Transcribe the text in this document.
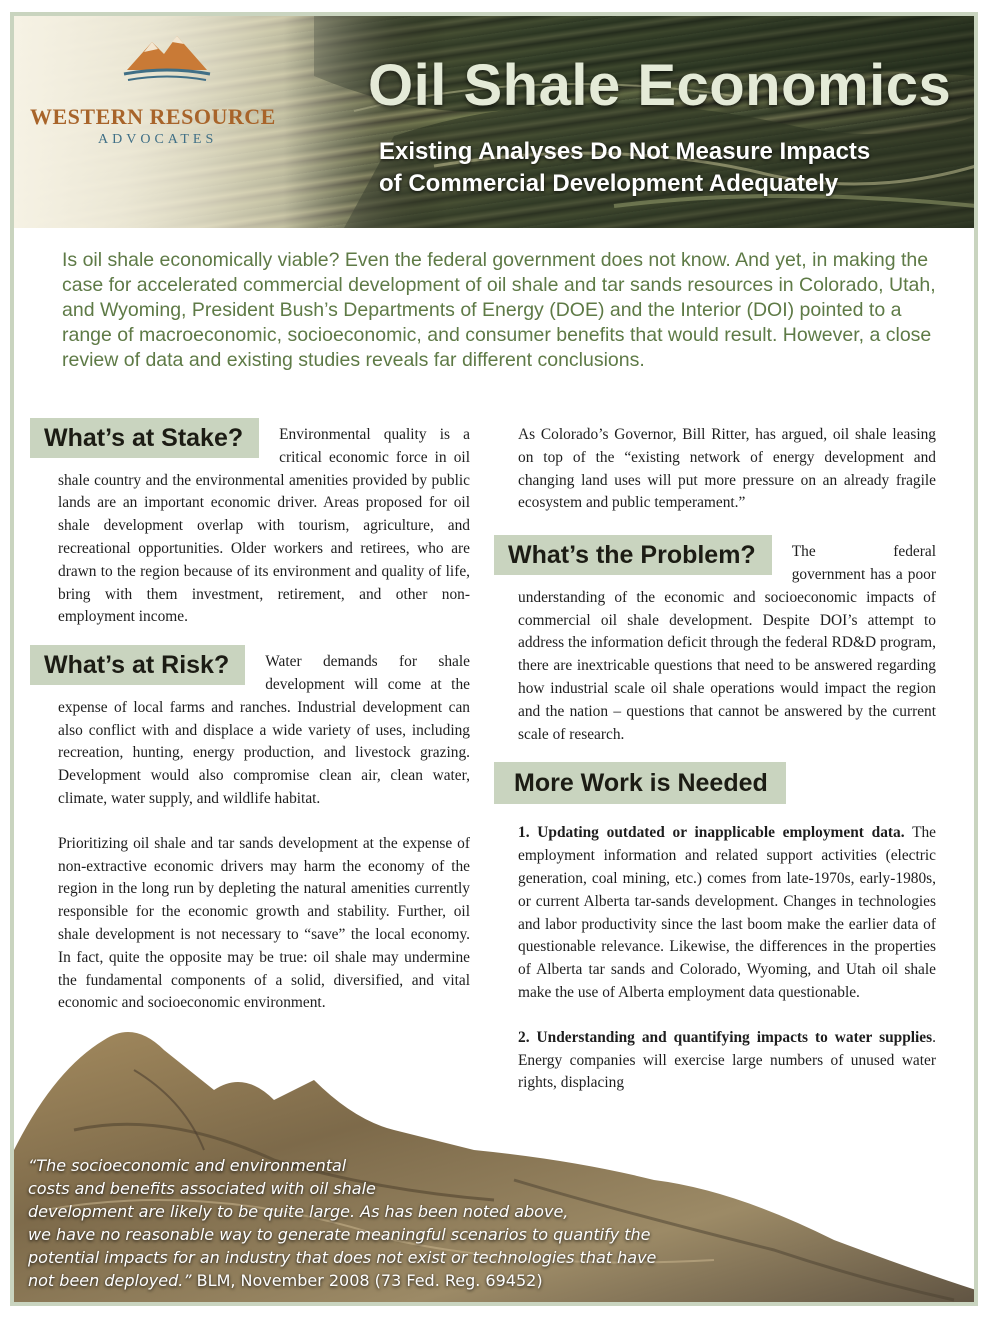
WESTERN RESOURCE
ADVOCATES
Oil Shale Economics
Existing Analyses Do Not Measure Impacts
of Commercial Development Adequately

Is oil shale economically viable? Even the federal government does not know. And yet, in making the case for accelerated commercial development of oil shale and tar sands resources in Colorado, Utah, and Wyoming, President Bush’s Departments of Energy (DOE) and the Interior (DOI) pointed to a range of macroeconomic, socioeconomic, and consumer benefits that would result. However, a close review of data and existing studies reveals far different conclusions.

What’s at Stake?	Environmental quality is a critical economic force in oil shale country and the environmental amenities provided by public lands are an important economic driver. Areas proposed for oil shale development overlap with tourism, agriculture, and recreational opportunities. Older workers and retirees, who are drawn to the region because of its environment and quality of life, bring with them investment, retirement, and other non-employment income.

What’s at Risk?	Water demands for shale development will come at the expense of local farms and ranches. Industrial development can also conflict with and displace a wide variety of uses, including recreation, hunting, energy production, and livestock grazing. Development would also compromise clean air, clean water, climate, water supply, and wildlife habitat.

Prioritizing oil shale and tar sands development at the expense of non-extractive economic drivers may harm the economy of the region in the long run by depleting the natural amenities currently responsible for the economic growth and stability. Further, oil shale development is not necessary to “save” the local economy. In fact, quite the opposite may be true: oil shale may undermine the fundamental components of a solid, diversified, and vital economic and socioeconomic environment.

As Colorado’s Governor, Bill Ritter, has argued, oil shale leasing on top of the “existing network of energy development and changing land uses will put more pressure on an already fragile ecosystem and public temperament.”

What’s the Problem?	The federal government has a poor understanding of the economic and socioeconomic impacts of commercial oil shale development. Despite DOI’s attempt to address the information deficit through the federal RD&D program, there are inextricable questions that need to be answered regarding how industrial scale oil shale operations would impact the region and the nation – questions that cannot be answered by the current scale of research.

More Work is Needed

1. Updating outdated or inapplicable employment data. The employment information and related support activities (electric generation, coal mining, etc.) comes from late-1970s, early-1980s, or current Alberta tar-sands development. Changes in technologies and labor productivity since the last boom make the earlier data of questionable relevance. Likewise, the differences in the properties of Alberta tar sands and Colorado, Wyoming, and Utah oil shale make the use of Alberta employment data questionable.

2. Understanding and quantifying impacts to water supplies. Energy companies will exercise large numbers of unused water rights, displacing

“The socioeconomic and environmental
costs and benefits associated with oil shale
development are likely to be quite large. As has been noted above,
we have no reasonable way to generate meaningful scenarios to quantify the
potential impacts for an industry that does not exist or technologies that have
not been deployed.” BLM, November 2008 (73 Fed. Reg. 69452)
